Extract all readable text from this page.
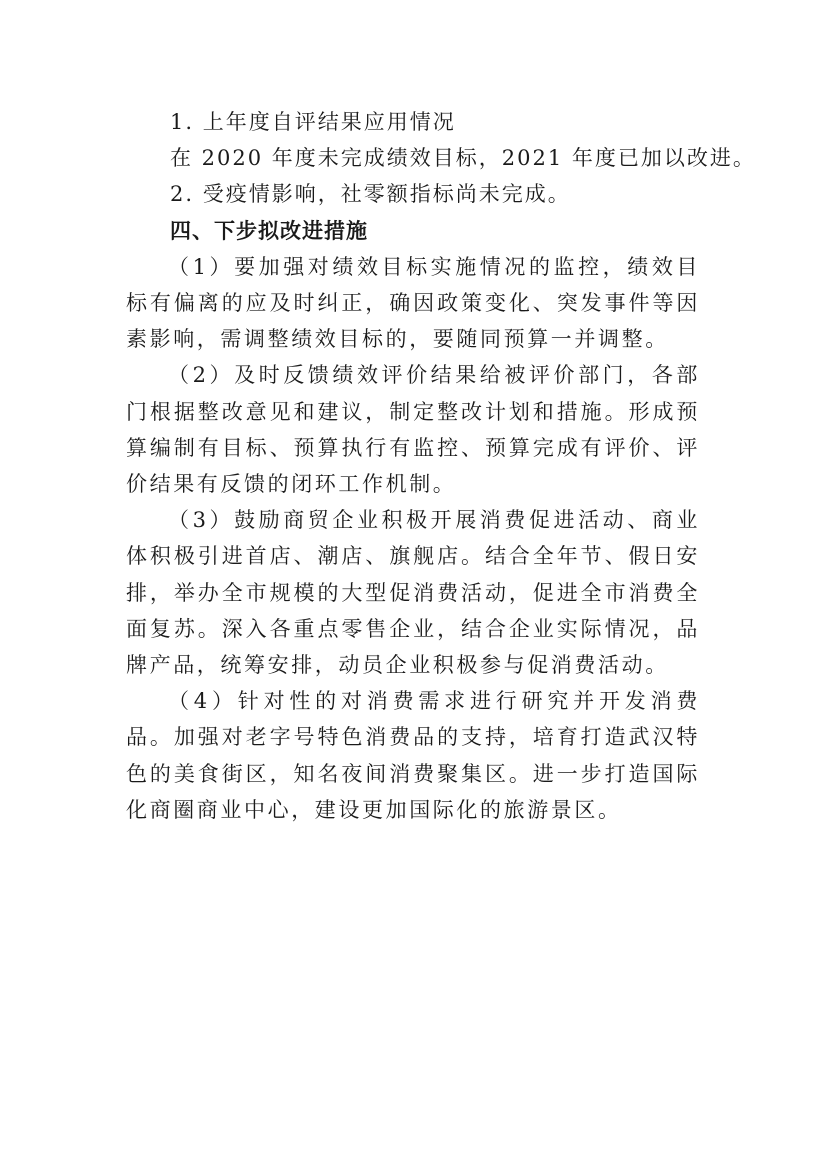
1. 上年度自评结果应用情况
在 2020 年度未完成绩效目标，2021 年度已加以改进。
2. 受疫情影响，社零额指标尚未完成。
四、下步拟改进措施

（1）要加强对绩效目标实施情况的监控，绩效目标有偏离的应及时纠正，确因政策变化、突发事件等因素影响，需调整绩效目标的，要随同预算一并调整。

（2）及时反馈绩效评价结果给被评价部门，各部门根据整改意见和建议，制定整改计划和措施。形成预算编制有目标、预算执行有监控、预算完成有评价、评价结果有反馈的闭环工作机制。

（3）鼓励商贸企业积极开展消费促进活动、商业体积极引进首店、潮店、旗舰店。结合全年节、假日安排，举办全市规模的大型促消费活动，促进全市消费全面复苏。深入各重点零售企业，结合企业实际情况，品牌产品，统筹安排，动员企业积极参与促消费活动。

（4）针对性的对消费需求进行研究并开发消费品。加强对老字号特色消费品的支持，培育打造武汉特色的美食街区，知名夜间消费聚集区。进一步打造国际化商圈商业中心，建设更加国际化的旅游景区。
